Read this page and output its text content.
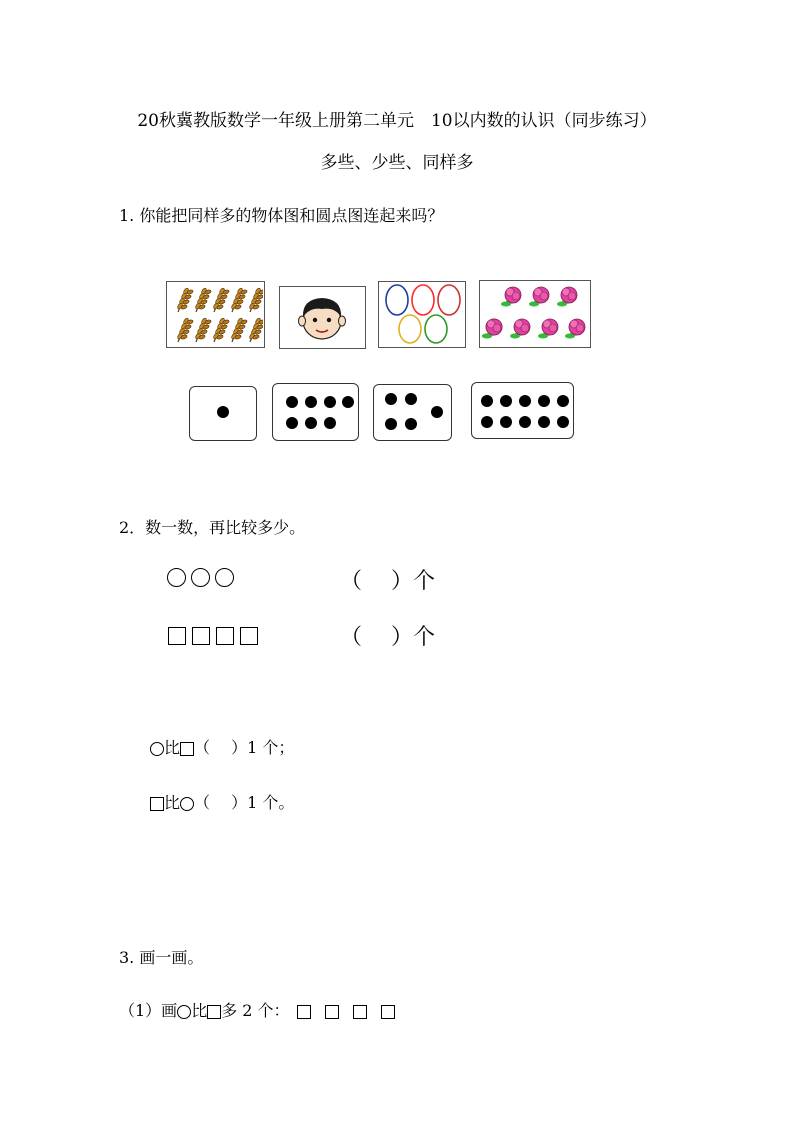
20秋冀教版数学一年级上册第二单元　10以内数的认识（同步练习）
多些、少些、同样多
1. 你能把同样多的物体图和圆点图连起来吗？
2．数一数，再比较多少。
（　 ）个
（　 ）个
比 （　 ）1 个；
比 （　 ）1 个。
3. 画一画。
（1）画 比 多 2 个：
